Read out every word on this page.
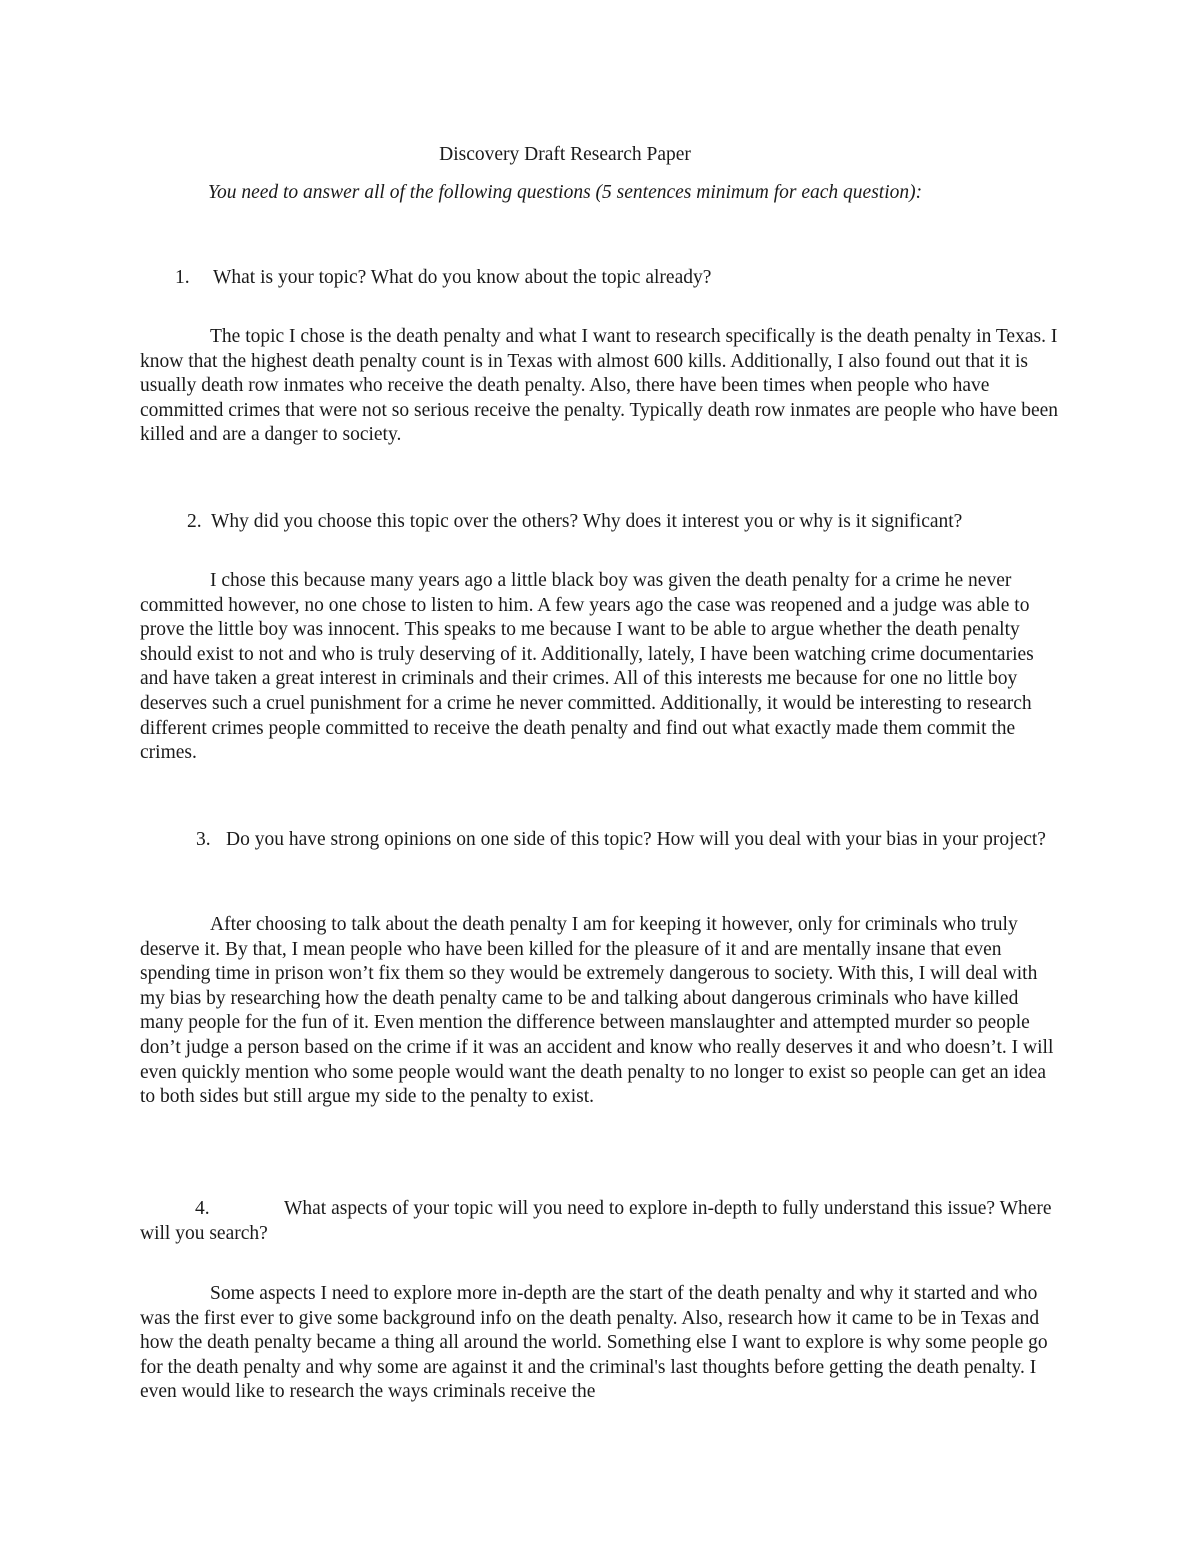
Discovery Draft Research Paper
You need to answer all of the following questions (5 sentences minimum for each question):
1. What is your topic? What do you know about the topic already?
The topic I chose is the death penalty and what I want to research specifically is the death penalty in Texas. I know that the highest death penalty count is in Texas with almost 600 kills. Additionally, I also found out that it is usually death row inmates who receive the death penalty. Also, there have been times when people who have committed crimes that were not so serious receive the penalty. Typically death row inmates are people who have been killed and are a danger to society.
2. Why did you choose this topic over the others? Why does it interest you or why is it significant?
I chose this because many years ago a little black boy was given the death penalty for a crime he never committed however, no one chose to listen to him. A few years ago the case was reopened and a judge was able to prove the little boy was innocent. This speaks to me because I want to be able to argue whether the death penalty should exist to not and who is truly deserving of it. Additionally, lately, I have been watching crime documentaries and have taken a great interest in criminals and their crimes. All of this interests me because for one no little boy deserves such a cruel punishment for a crime he never committed. Additionally, it would be interesting to research different crimes people committed to receive the death penalty and find out what exactly made them commit the crimes.
3. Do you have strong opinions on one side of this topic? How will you deal with your bias in your project?
After choosing to talk about the death penalty I am for keeping it however, only for criminals who truly deserve it. By that, I mean people who have been killed for the pleasure of it and are mentally insane that even spending time in prison won’t fix them so they would be extremely dangerous to society. With this, I will deal with my bias by researching how the death penalty came to be and talking about dangerous criminals who have killed many people for the fun of it. Even mention the difference between manslaughter and attempted murder so people don’t judge a person based on the crime if it was an accident and know who really deserves it and who doesn’t. I will even quickly mention who some people would want the death penalty to no longer to exist so people can get an idea to both sides but still argue my side to the penalty to exist.
4.	What aspects of your topic will you need to explore in-depth to fully understand this issue? Where will you search?
Some aspects I need to explore more in-depth are the start of the death penalty and why it started and who was the first ever to give some background info on the death penalty. Also, research how it came to be in Texas and how the death penalty became a thing all around the world. Something else I want to explore is why some people go for the death penalty and why some are against it and the criminal's last thoughts before getting the death penalty. I even would like to research the ways criminals receive the
